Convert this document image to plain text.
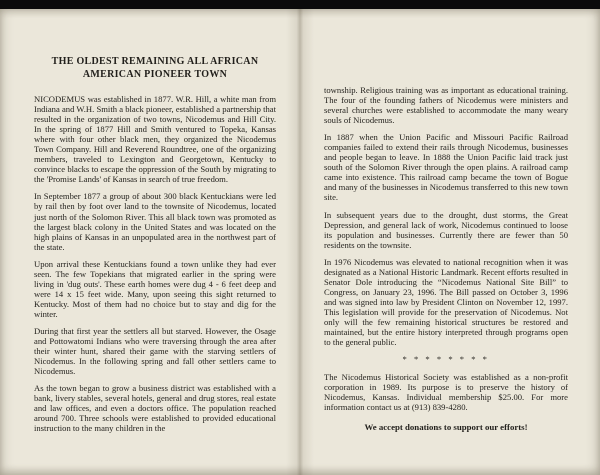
THE OLDEST REMAINING ALL AFRICAN
AMERICAN PIONEER TOWN

NICODEMUS was established in 1877. W.R. Hill, a white man from Indiana and W.H. Smith a black pioneer, established a partnership that resulted in the organization of two towns, Nicodemus and Hill City. In the spring of 1877 Hill and Smith ventured to Topeka, Kansas where with four other black men, they organized the Nicodemus Town Company. Hill and Reverend Roundtree, one of the organizing members, traveled to Lexington and Georgetown, Kentucky to convince blacks to escape the oppression of the South by migrating to the 'Promise Lands' of Kansas in search of true freedom.

In September 1877 a group of about 300 black Kentuckians were led by rail then by foot over land to the townsite of Nicodemus, located just north of the Solomon River. This all black town was promoted as the largest black colony in the United States and was located on the high plains of Kansas in an unpopulated area in the northwest part of the state.

Upon arrival these Kentuckians found a town unlike they had ever seen. The few Topekians that migrated earlier in the spring were living in 'dug outs'. These earth homes were dug 4 - 6 feet deep and were 14 x 15 feet wide. Many, upon seeing this sight returned to Kentucky. Most of them had no choice but to stay and dig for the winter.

During that first year the settlers all but starved. However, the Osage and Pottowatomi Indians who were traversing through the area after their winter hunt, shared their game with the starving settlers of Nicodemus. In the following spring and fall other settlers came to Nicodemus.

As the town began to grow a business district was established with a bank, livery stables, several hotels, general and drug stores, real estate and law offices, and even a doctors office. The population reached around 700. Three schools were established to provided educational instruction to the many children in the

township. Religious training was as important as educational training. The four of the founding fathers of Nicodemus were ministers and several churches were established to accommodate the many weary souls of Nicodemus.

In 1887 when the Union Pacific and Missouri Pacific Railroad companies failed to extend their rails through Nicodemus, businesses and people began to leave. In 1888 the Union Pacific laid track just south of the Solomon River through the open plains. A railroad camp came into existence. This railroad camp became the town of Bogue and many of the businesses in Nicodemus transferred to this new town site.

In subsequent years due to the drought, dust storms, the Great Depression, and general lack of work, Nicodemus continued to loose its population and businesses. Currently there are fewer than 50 residents on the townsite.

In 1976 Nicodemus was elevated to national recognition when it was designated as a National Historic Landmark. Recent efforts resulted in Senator Dole introducing the “Nicodemus National Site Bill” to Congress, on January 23, 1996. The Bill passed on October 3, 1996 and was signed into law by President Clinton on November 12, 1997. This legislation will provide for the preservation of Nicodemus. Not only will the few remaining historical structures be restored and maintained, but the entire history interpreted through programs open to the general public.

* * * * * * * *

The Nicodemus Historical Society was established as a non-profit corporation in 1989. Its purpose is to preserve the history of Nicodemus, Kansas. Individual membership $25.00. For more information contact us at (913) 839-4280.

We accept donations to support our efforts!
